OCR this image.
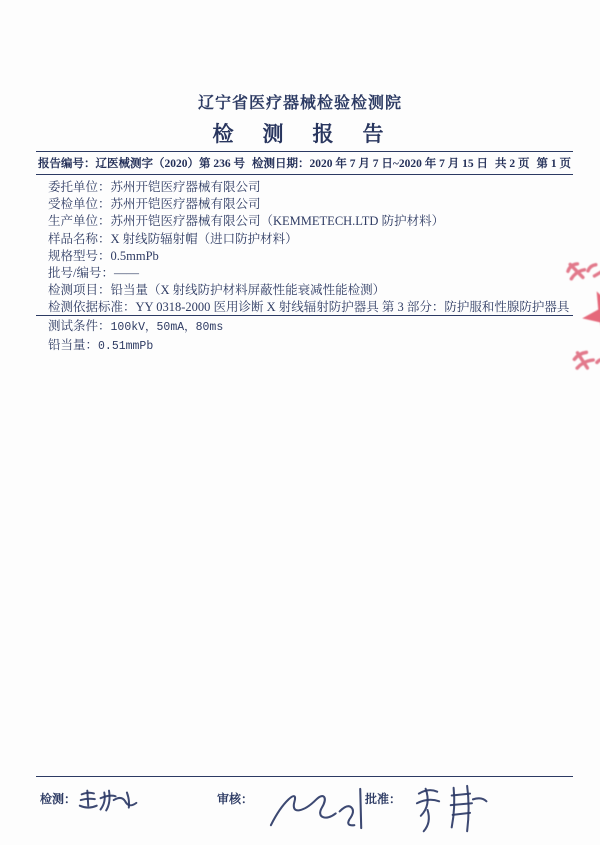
辽宁省医疗器械检验检测院
检　测　报　告
报告编号：辽医械测字（2020）第 236 号 检测日期：2020 年 7 月 7 日~2020 年 7 月 15 日 共 2 页 第 1 页
委托单位：苏州开铠医疗器械有限公司
受检单位：苏州开铠医疗器械有限公司
生产单位：苏州开铠医疗器械有限公司（KEMMETECH.LTD 防护材料）
样品名称：X 射线防辐射帽（进口防护材料）
规格型号：0.5mmPb
批号/编号：——
检测项目：铅当量（X 射线防护材料屏蔽性能衰减性能检测）
检测依据标准：YY 0318-2000 医用诊断 X 射线辐射防护器具 第 3 部分：防护服和性腺防护器具
测试条件：100kV，50mA，80ms
铅当量：0.51mmPb
检测：	审核：	批准：
